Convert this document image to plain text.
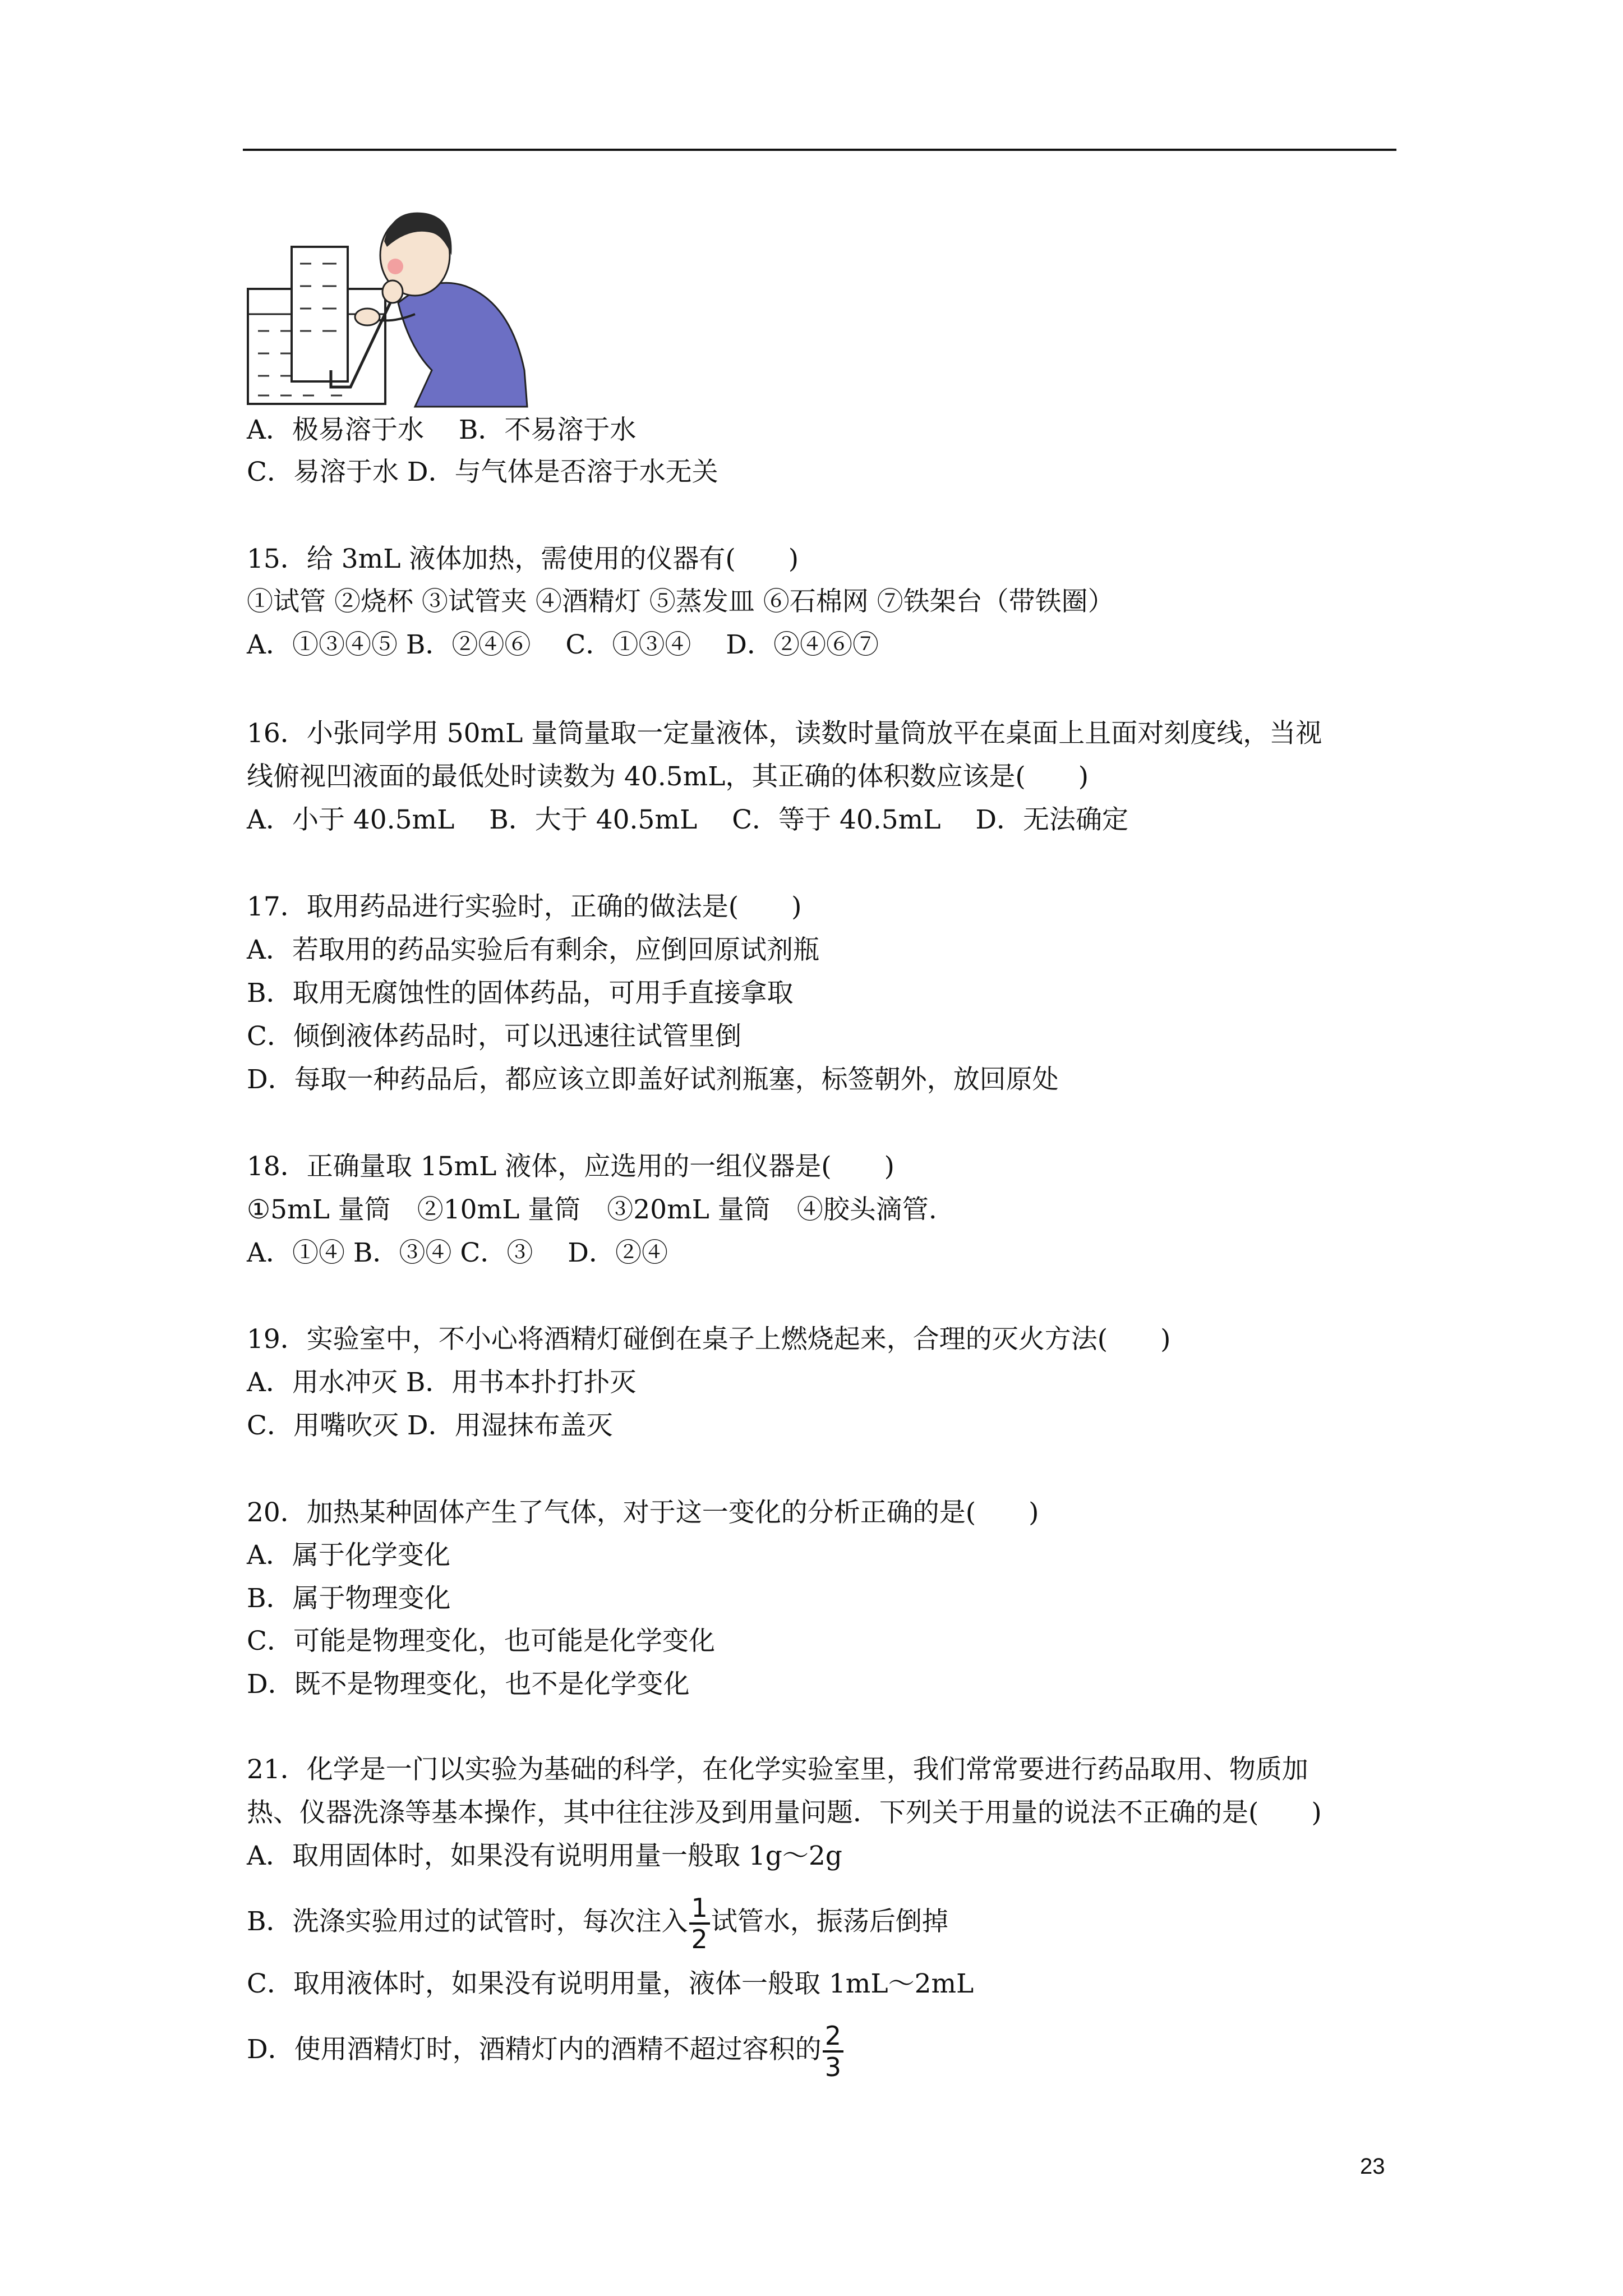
A．极易溶于水　 B．不易溶于水
C．易溶于水 D．与气体是否溶于水无关
15．给 3mL 液体加热，需使用的仪器有(　　)
①试管 ②烧杯 ③试管夹 ④酒精灯 ⑤蒸发皿 ⑥石棉网 ⑦铁架台（带铁圈）
A．①③④⑤ B．②④⑥　 C．①③④　 D．②④⑥⑦
16．小张同学用 50mL 量筒量取一定量液体，读数时量筒放平在桌面上且面对刻度线，当视
线俯视凹液面的最低处时读数为 40.5mL，其正确的体积数应该是(　　)
A．小于 40.5mL　 B．大于 40.5mL　 C．等于 40.5mL　 D．无法确定
17．取用药品进行实验时，正确的做法是(　　)
A．若取用的药品实验后有剩余，应倒回原试剂瓶
B．取用无腐蚀性的固体药品，可用手直接拿取
C．倾倒液体药品时，可以迅速往试管里倒
D．每取一种药品后，都应该立即盖好试剂瓶塞，标签朝外，放回原处
18．正确量取 15mL 液体，应选用的一组仪器是(　　)
①5mL 量筒　②10mL 量筒　③20mL 量筒　④胶头滴管.
A．①④ B．③④ C．③　 D．②④
19．实验室中，不小心将酒精灯碰倒在桌子上燃烧起来，合理的灭火方法(　　)
A．用水冲灭 B．用书本扑打扑灭
C．用嘴吹灭 D．用湿抹布盖灭
20．加热某种固体产生了气体，对于这一变化的分析正确的是(　　)
A．属于化学变化
B．属于物理变化
C．可能是物理变化，也可能是化学变化
D．既不是物理变化，也不是化学变化
21．化学是一门以实验为基础的科学，在化学实验室里，我们常常要进行药品取用、物质加
热、仪器洗涤等基本操作，其中往往涉及到用量问题．下列关于用量的说法不正确的是(　　)
A．取用固体时，如果没有说明用量一般取 1g～2g
B．洗涤实验用过的试管时，每次注入 $\frac{1}{2}$ 试管水，振荡后倒掉
C．取用液体时，如果没有说明用量，液体一般取 1mL～2mL
D．使用酒精灯时，酒精灯内的酒精不超过容积的 $\frac{2}{3}$
23
